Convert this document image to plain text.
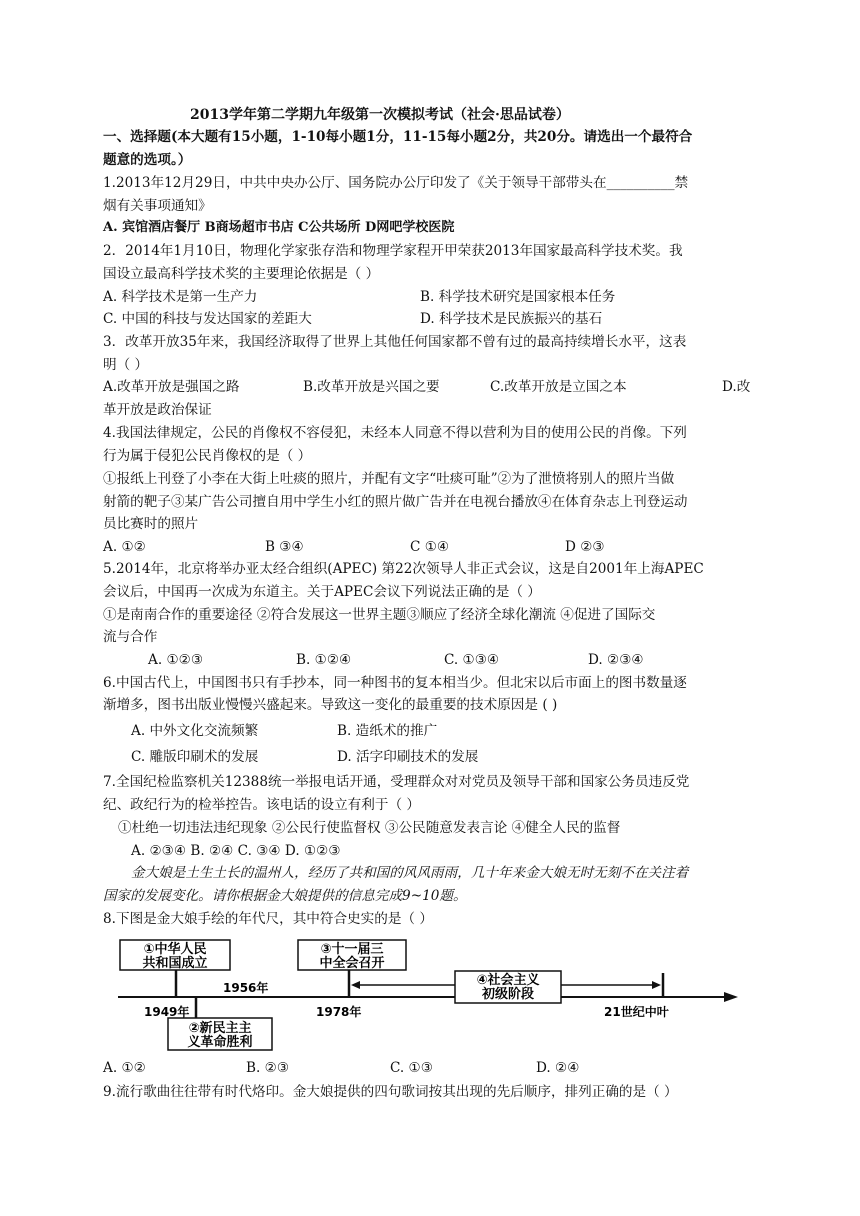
2013学年第二学期九年级第一次模拟考试（社会·思品试卷）
一、选择题(本大题有15小题，1-10每小题1分，11-15每小题2分，共20分。请选出一个最符合
题意的选项。）
1.2013年12月29日，中共中央办公厅、国务院办公厅印发了《关于领导干部带头在__________禁
烟有关事项通知》
A. 宾馆酒店餐厅 B商场超市书店 C公共场所 D网吧学校医院
2．2014年1月10日，物理化学家张存浩和物理学家程开甲荣获2013年国家最高科学技术奖。我
国设立最高科学技术奖的主要理论依据是（ ）
A. 科学技术是第一生产力	B. 科学技术研究是国家根本任务
C. 中国的科技与发达国家的差距大	D. 科学技术是民族振兴的基石
3．改革开放35年来，我国经济取得了世界上其他任何国家都不曾有过的最高持续增长水平，这表
明（ ）
A.改革开放是强国之路	B.改革开放是兴国之要	C.改革开放是立国之本	D.改
革开放是政治保证
4.我国法律规定，公民的肖像权不容侵犯，未经本人同意不得以营利为目的使用公民的肖像。下列
行为属于侵犯公民肖像权的是（ ）
①报纸上刊登了小李在大街上吐痰的照片，并配有文字“吐痰可耻”②为了泄愤将别人的照片当做
射箭的靶子③某广告公司擅自用中学生小红的照片做广告并在电视台播放④在体育杂志上刊登运动
员比赛时的照片
A. ①②	B ③④	C ①④	D ②③
5.2014年，北京将举办亚太经合组织(APEC) 第22次领导人非正式会议，这是自2001年上海APEC
会议后，中国再一次成为东道主。关于APEC会议下列说法正确的是（ ）
①是南南合作的重要途径 ②符合发展这一世界主题③顺应了经济全球化潮流 ④促进了国际交
流与合作
A. ①②③	B. ①②④	C. ①③④	D. ②③④
6.中国古代上，中国图书只有手抄本，同一种图书的复本相当少。但北宋以后市面上的图书数量逐
渐增多，图书出版业慢慢兴盛起来。导致这一变化的最重要的技术原因是 ( )
A. 中外文化交流频繁	B. 造纸术的推广
C. 雕版印刷术的发展	D. 活字印刷技术的发展
7.全国纪检监察机关12388统一举报电话开通，受理群众对对党员及领导干部和国家公务员违反党
纪、政纪行为的检举控告。该电话的设立有利于（ ）
①杜绝一切违法违纪现象 ②公民行使监督权 ③公民随意发表言论 ④健全人民的监督
A. ②③④ B. ②④ C. ③④ D. ①②③
金大娘是土生土长的温州人，经历了共和国的风风雨雨，几十年来金大娘无时无刻不在关注着
国家的发展变化。请你根据金大娘提供的信息完成9~10题。
8.下图是金大娘手绘的年代尺，其中符合史实的是（ ）
①中华人民
共和国成立
③十一届三
中全会召开
④社会主义
初级阶段
②新民主主
义革命胜利
1949年
1956年
1978年	21世纪中叶
A. ①②	B. ②③	C. ①③	D. ②④
9.流行歌曲往往带有时代烙印。金大娘提供的四句歌词按其出现的先后顺序，排列正确的是（ ）
